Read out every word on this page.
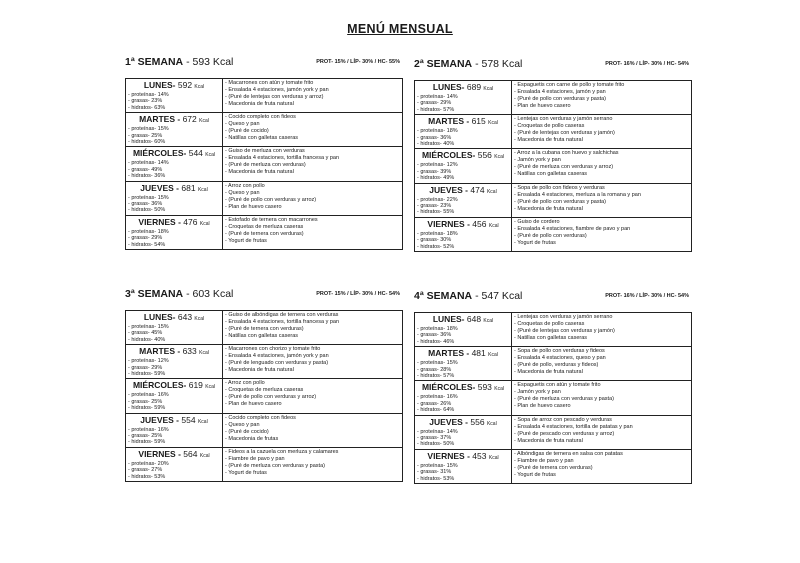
MENÚ MENSUAL
1ª SEMANA - 593 Kcal	PROT- 15% / LÍP- 30% / HC- 55%
LUNES- 592 Kcal
- proteínas- 14%
- grasas- 23%
- hidratos- 63%	- Macarrones con atún y tomate frito
- Ensalada 4 estaciones, jamón york y pan
- (Puré de lentejas con verduras y arroz)
- Macedonia de fruta natural

MARTES - 672 Kcal
- proteínas- 15%
- grasas- 25%
- hidratos- 60%	- Cocido completo con fideos
- Queso y pan
- (Puré de cocido)
- Natillas con galletas caseras

MIÉRCOLES- 544 Kcal
- proteínas- 14%
- grasas- 49%
- hidratos- 36%	- Guiso de merluza con verduras
- Ensalada 4 estaciones, tortilla francesa y pan
- (Puré de merluza con verduras)
- Macedonia de fruta natural

JUEVES - 681 Kcal
- proteínas- 15%
- grasas- 36%
- hidratos- 50%	- Arroz con pollo
- Queso y pan
- (Puré de pollo con verduras y arroz)
- Plan de huevo casero

VIERNES - 476 Kcal
- proteínas- 18%
- grasas- 29%
- hidratos- 54%	- Estofado de ternera con macarrones
- Croquetas de merluza caseras
- (Puré de ternera con verduras)
- Yogurt de frutas
2ª SEMANA - 578 Kcal	PROT- 16% / LÍP- 30% / HC- 54%
LUNES- 689 Kcal
- proteínas- 14%
- grasas- 29%
- hidratos- 57%	- Espaguetis con carne de pollo y tomate frito
- Ensalada 4 estaciones, jamón y pan
- (Puré de pollo con verduras y pasta)
- Plan de huevo casero

MARTES - 615 Kcal
- proteínas- 18%
- grasas- 36%
- hidratos- 40%	- Lentejas con verduras y jamón serrano
- Croquetas de pollo caseras
- (Puré de lentejas con verduras y jamón)
- Macedonia de fruta natural

MIÉRCOLES- 556 Kcal
- proteínas- 12%
- grasas- 39%
- hidratos- 49%	- Arroz a la cubana con huevo y salchichas
- Jamón york y pan
- (Puré de merluza con verduras y arroz)
- Natillas con galletas caseras

JUEVES - 474 Kcal
- proteínas- 22%
- grasas- 23%
- hidratos- 55%	- Sopa de pollo con fideos y verduras
- Ensalada 4 estaciones, merluza a la romana y pan
- (Puré de pollo con verduras y pasta)
- Macedonia de fruta natural

VIERNES - 456 Kcal
- proteínas- 18%
- grasas- 30%
- hidratos- 52%	- Guiso de cordero
- Ensalada 4 estaciones, fiambre de pavo y pan
- (Puré de pollo con verduras)
- Yogurt de frutas
3ª SEMANA - 603 Kcal	PROT- 15% / LÍP- 30% / HC- 54%
LUNES- 643 Kcal
- proteínas- 15%
- grasas- 45%
- hidratos- 40%	- Guiso de albóndigas de ternera con verduras
- Ensalada 4 estaciones, tortilla francesa y pan
- (Puré de ternera con verduras)
- Natillas con galletas caseras

MARTES - 633 Kcal
- proteínas- 12%
- grasas- 29%
- hidratos- 59%	- Macarrones con chorizo y tomate frito
- Ensalada 4 estaciones, jamón york y pan
- (Puré de lenguado con verduras y pasta)
- Macedonia de fruta natural

MIÉRCOLES- 619 Kcal
- proteínas- 16%
- grasas- 25%
- hidratos- 59%	- Arroz con pollo
- Croquetas de merluza caseras
- (Puré de pollo con verduras y arroz)
- Plan de huevo casero

JUEVES - 554 Kcal
- proteínas- 16%
- grasas- 25%
- hidratos- 59%	- Cocido completo con fideos
- Queso y pan
- (Puré de cocido)
- Macedonia de frutas

VIERNES - 564 Kcal
- proteínas- 20%
- grasas- 27%
- hidratos- 53%	- Fideos a la cazuela con merluza y calamares
- Fiambre de pavo y pan
- (Puré de merluza con verduras y pasta)
- Yogurt de frutas
4ª SEMANA - 547 Kcal	PROT- 16% / LÍP- 30% / HC- 54%
LUNES- 648 Kcal
- proteínas- 18%
- grasas- 36%
- hidratos- 46%	- Lentejas con verduras y jamón serrano
- Croquetas de pollo caseras
- (Puré de lentejas con verduras y jamón)
- Natillas con galletas caseras

MARTES - 481 Kcal
- proteínas- 15%
- grasas- 28%
- hidratos- 57%	- Sopa de pollo con verduras y fideos
- Ensalada 4 estaciones, queso y pan
- (Puré de pollo, verduras y fideos)
- Macedonia de fruta natural

MIÉRCOLES- 593 Kcal
- proteínas- 16%
- grasas- 26%
- hidratos- 64%	- Espaguetis con atún y tomate frito
- Jamón york y pan
- (Puré de merluza con verduras y pasta)
- Plan de huevo casero

JUEVES - 556 Kcal
- proteínas- 14%
- grasas- 37%
- hidratos- 50%	- Sopa de arroz con pescado y verduras
- Ensalada 4 estaciones, tortilla de patatas y pan
- (Puré de pescado con verduras y arroz)
- Macedonia de fruta natural

VIERNES - 453 Kcal
- proteínas- 15%
- grasas- 31%
- hidratos- 53%	- Albóndigas de ternera en salsa con patatas
- Fiambre de pavo y pan
- (Puré de ternera con verduras)
- Yogurt de frutas
